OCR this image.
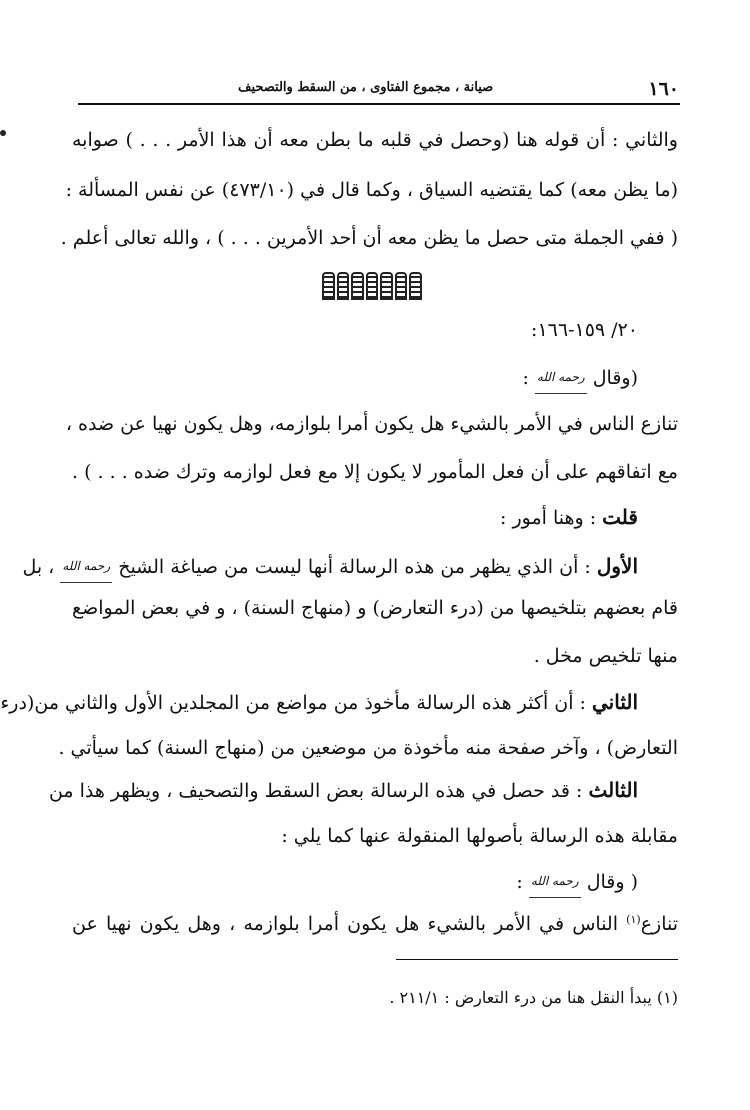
١٦٠
صيانة ، مجموع الفتاوى ، من السقط والتصحيف
والثاني : أن قوله هنا (وحصل في قلبه ما بطن معه أن هذا الأمر . . . ) صوابه
(ما يظن معه) كما يقتضيه السياق ، وكما قال في (٤٧٣/١٠) عن نفس المسألة :
( ففي الجملة متى حصل ما يظن معه أن أحد الأمرين . . . ) ، والله تعالى أعلم .
٢٠/ ١٥٩-١٦٦:
(وقال رحمه الله :
تنازع الناس في الأمر بالشيء هل يكون أمرا بلوازمه، وهل يكون نهيا عن ضده ،
مع اتفاقهم على أن فعل المأمور لا يكون إلا مع فعل لوازمه وترك ضده . . . ) .
قلت : وهنا أمور :
الأول : أن الذي يظهر من هذه الرسالة أنها ليست من صياغة الشيخ رحمه الله ، بل
قام بعضهم بتلخيصها من (درء التعارض) و (منهاج السنة) ، و في بعض المواضع
منها تلخيص مخل .
الثاني : أن أكثر هذه الرسالة مأخوذ من مواضع من المجلدين الأول والثاني من(درء
التعارض) ، وآخر صفحة منه مأخوذة من موضعين من (منهاج السنة) كما سيأتي .
الثالث : قد حصل في هذه الرسالة بعض السقط والتصحيف ، ويظهر هذا من
مقابلة هذه الرسالة بأصولها المنقولة عنها كما يلي :
( وقال رحمه الله :
تنازع$^{(١)}$ الناس في الأمر بالشيء هل يكون أمرا بلوازمه ، وهل يكون نهيا عن
(١) يبدأ النقل هنا من درء التعارض : ٢١١/١ .
